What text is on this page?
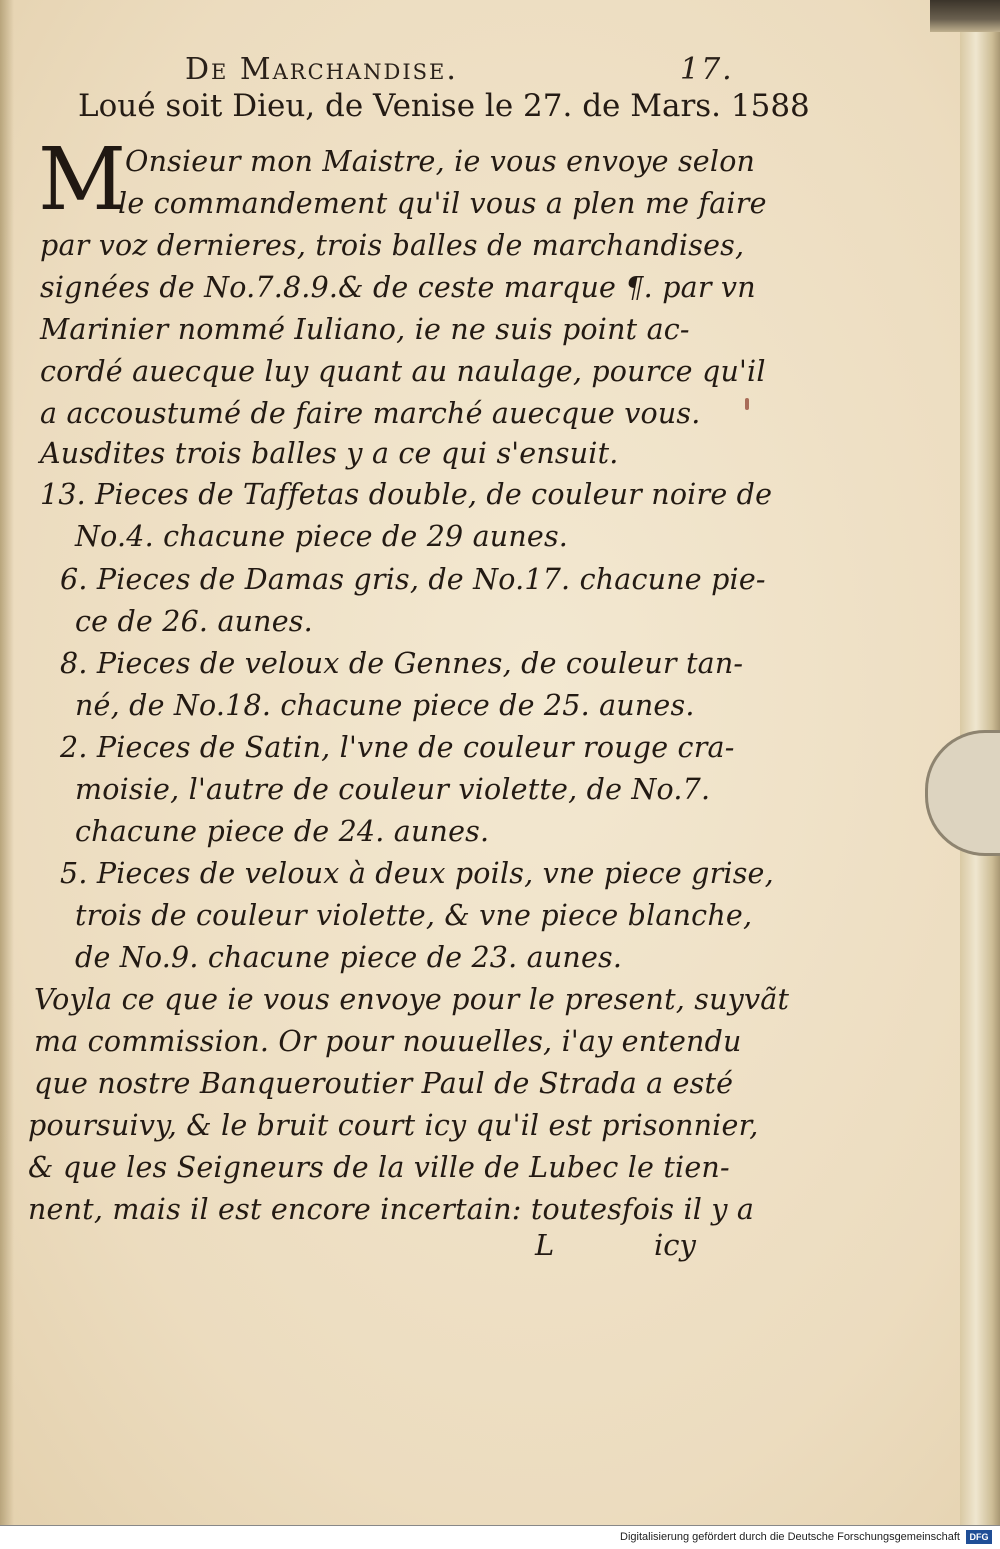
De Marchandise.	17.
Loué soit Dieu, de Venise le 27. de Mars. 1588
M
Onsieur mon Maistre, ie vous envoye selon
le commandement qu'il vous a plen me faire
par voz dernieres, trois balles de marchandises,
signées de No.7.8.9.& de ceste marque ¶. par vn
Marinier nommé Iuliano, ie ne suis point ac-
cordé auecque luy quant au naulage, pource qu'il
a accoustumé de faire marché auecque vous.
Ausdites trois balles y a ce qui s'ensuit.
13. Pieces de Taffetas double, de couleur noire de
No.4. chacune piece de 29 aunes.
6. Pieces de Damas gris, de No.17. chacune pie-
ce de 26. aunes.
8. Pieces de veloux de Gennes, de couleur tan-
né, de No.18. chacune piece de 25. aunes.
2. Pieces de Satin, l'vne de couleur rouge cra-
moisie, l'autre de couleur violette, de No.7.
chacune piece de 24. aunes.
5. Pieces de veloux à deux poils, vne piece grise,
trois de couleur violette, & vne piece blanche,
de No.9. chacune piece de 23. aunes.
Voyla ce que ie vous envoye pour le present, suyvãt
ma commission. Or pour nouuelles, i'ay entendu
que nostre Banqueroutier Paul de Strada a esté
poursuivy, & le bruit court icy qu'il est prisonnier,
& que les Seigneurs de la ville de Lubec le tien-
nent, mais il est encore incertain: toutesfois il y a
L	icy
Digitalisierung gefördert durch die Deutsche Forschungsgemeinschaft	DFG
